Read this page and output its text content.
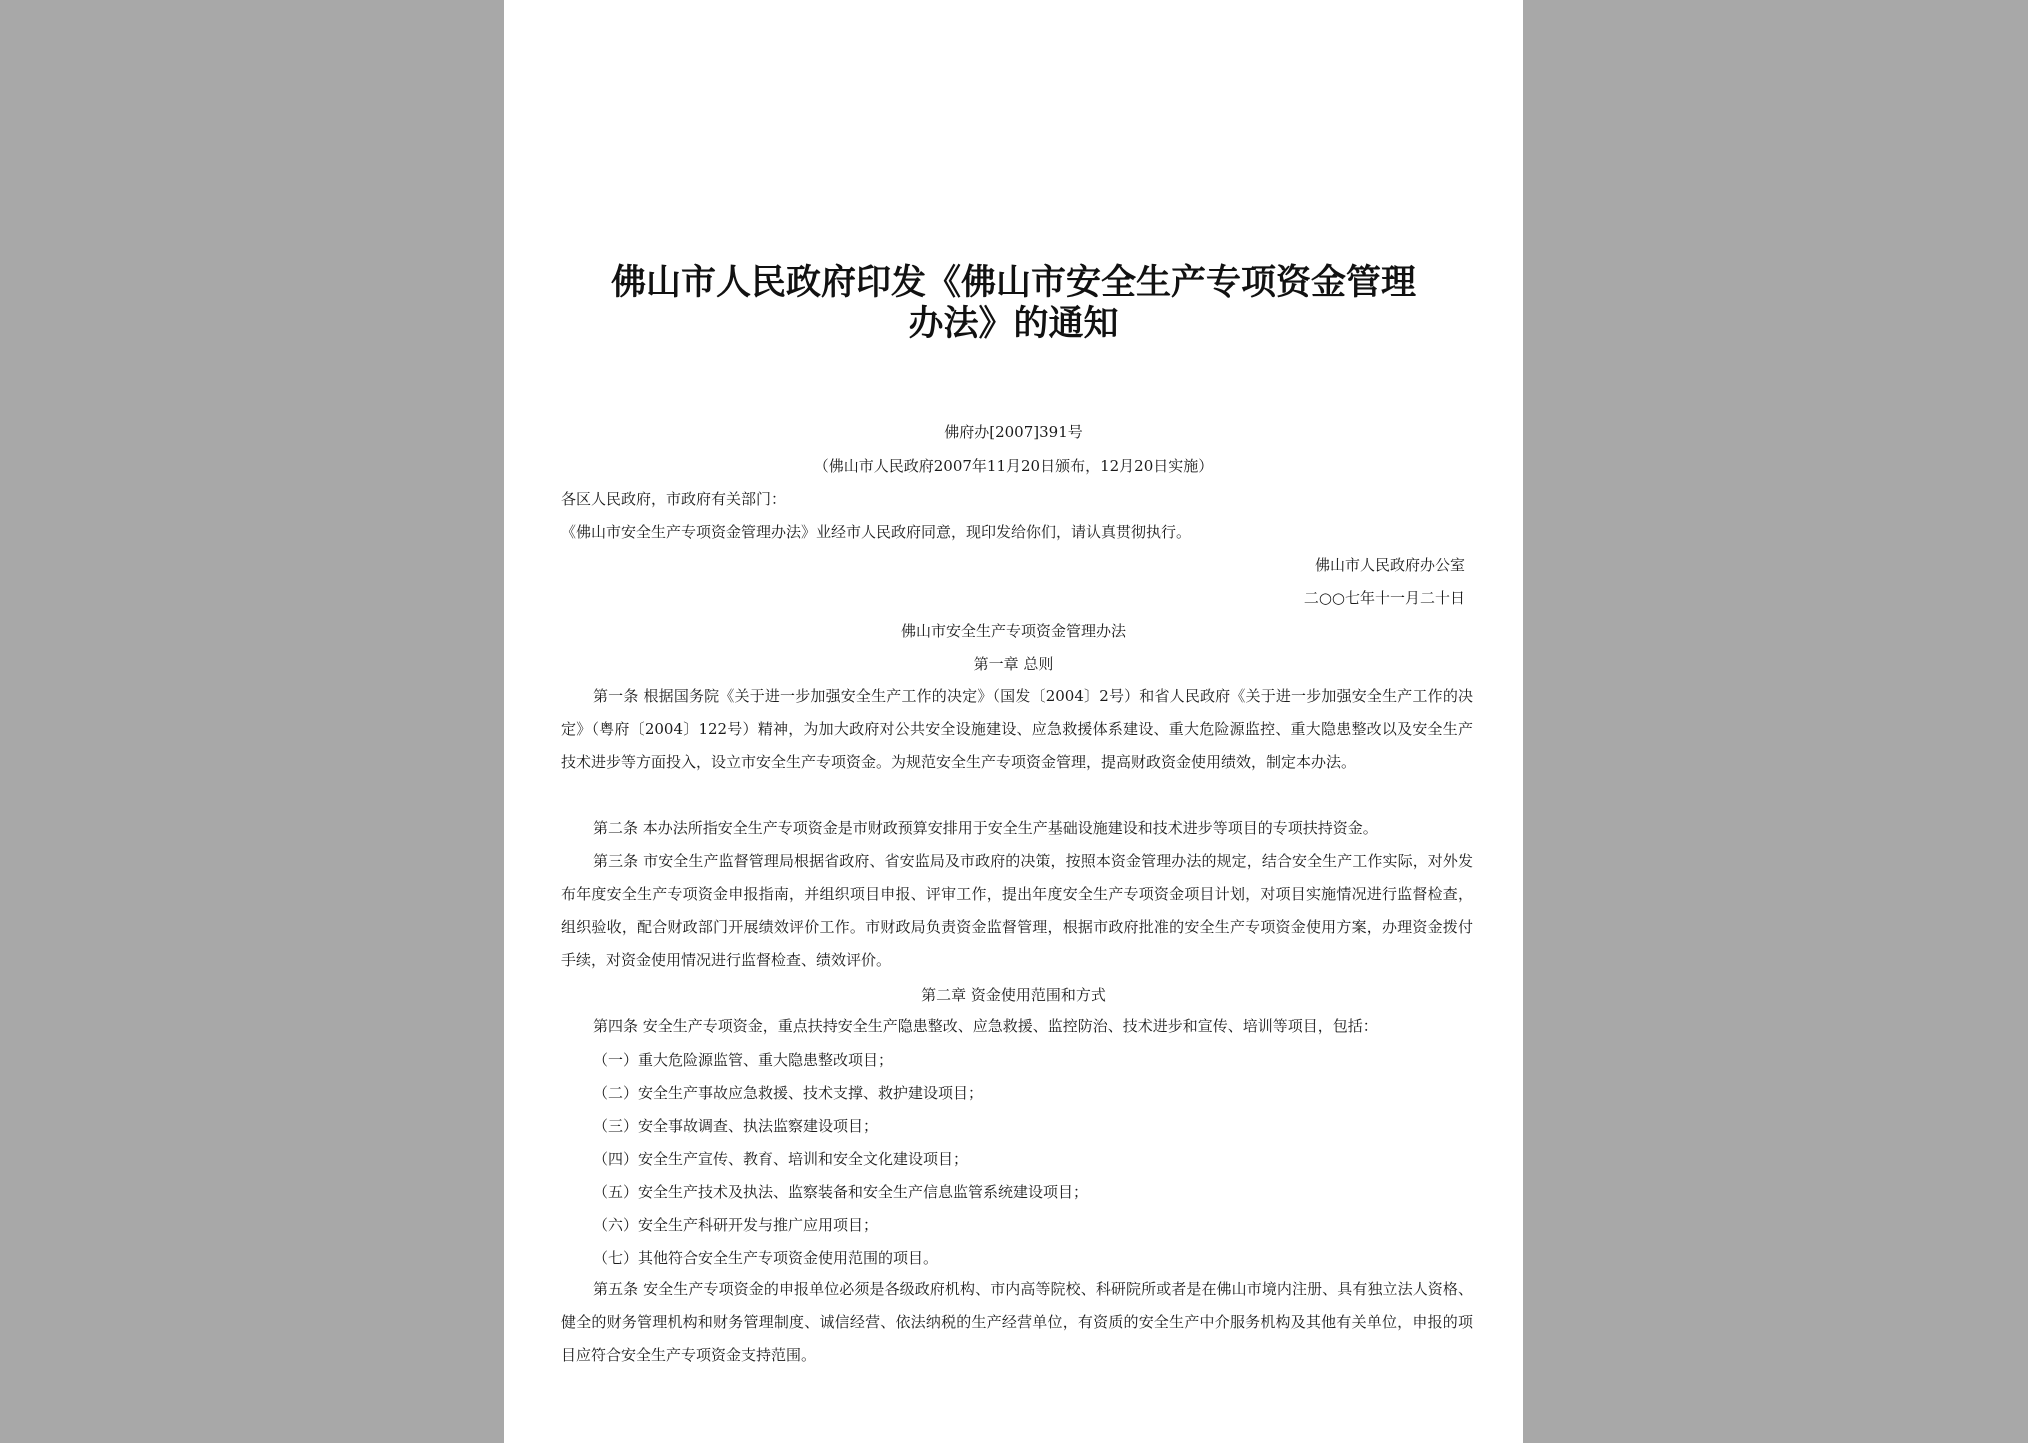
佛山市人民政府印发《佛山市安全生产专项资金管理
办法》的通知
佛府办[2007]391号
（佛山市人民政府2007年11月20日颁布，12月20日实施）
各区人民政府，市政府有关部门：
《佛山市安全生产专项资金管理办法》业经市人民政府同意，现印发给你们，请认真贯彻执行。
佛山市人民政府办公室
二○○七年十一月二十日
佛山市安全生产专项资金管理办法
第一章 总则
第一条 根据国务院《关于进一步加强安全生产工作的决定》（国发〔2004〕2号）和省人民政府《关于进一步加强安全生产工作的决定》（粤府〔2004〕122号）精神，为加大政府对公共安全设施建设、应急救援体系建设、重大危险源监控、重大隐患整改以及安全生产技术进步等方面投入，设立市安全生产专项资金。为规范安全生产专项资金管理，提高财政资金使用绩效，制定本办法。
第二条 本办法所指安全生产专项资金是市财政预算安排用于安全生产基础设施建设和技术进步等项目的专项扶持资金。
第三条 市安全生产监督管理局根据省政府、省安监局及市政府的决策，按照本资金管理办法的规定，结合安全生产工作实际，对外发布年度安全生产专项资金申报指南，并组织项目申报、评审工作，提出年度安全生产专项资金项目计划，对项目实施情况进行监督检查，组织验收，配合财政部门开展绩效评价工作。市财政局负责资金监督管理，根据市政府批准的安全生产专项资金使用方案，办理资金拨付手续，对资金使用情况进行监督检查、绩效评价。
第二章 资金使用范围和方式
第四条 安全生产专项资金，重点扶持安全生产隐患整改、应急救援、监控防治、技术进步和宣传、培训等项目，包括：
（一）重大危险源监管、重大隐患整改项目；
（二）安全生产事故应急救援、技术支撑、救护建设项目；
（三）安全事故调查、执法监察建设项目；
（四）安全生产宣传、教育、培训和安全文化建设项目；
（五）安全生产技术及执法、监察装备和安全生产信息监管系统建设项目；
（六）安全生产科研开发与推广应用项目；
（七）其他符合安全生产专项资金使用范围的项目。
第五条 安全生产专项资金的申报单位必须是各级政府机构、市内高等院校、科研院所或者是在佛山市境内注册、具有独立法人资格、健全的财务管理机构和财务管理制度、诚信经营、依法纳税的生产经营单位，有资质的安全生产中介服务机构及其他有关单位，申报的项目应符合安全生产专项资金支持范围。
